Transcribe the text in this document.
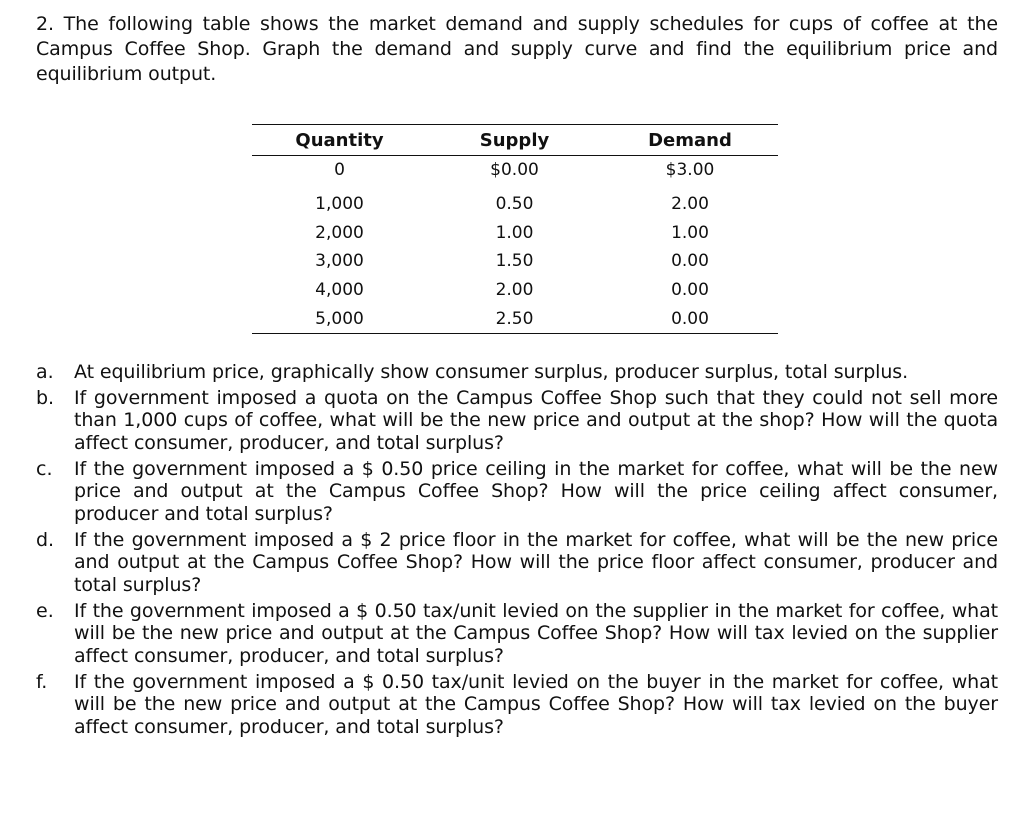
2. The following table shows the market demand and supply schedules for cups of coffee at the Campus Coffee Shop. Graph the demand and supply curve and find the equilibrium price and equilibrium output.

Quantity	Supply	Demand
0	$0.00	$3.00
1,000	0.50	2.00
2,000	1.00	1.00
3,000	1.50	0.00
4,000	2.00	0.00
5,000	2.50	0.00
a.	At equilibrium price, graphically show consumer surplus, producer surplus, total surplus.
b.	If government imposed a quota on the Campus Coffee Shop such that they could not sell more than 1,000 cups of coffee, what will be the new price and output at the shop? How will the quota affect consumer, producer, and total surplus?
c.	If the government imposed a $ 0.50 price ceiling in the market for coffee, what will be the new price and output at the Campus Coffee Shop? How will the price ceiling affect consumer, producer and total surplus?
d.	If the government imposed a $ 2 price floor in the market for coffee, what will be the new price and output at the Campus Coffee Shop? How will the price floor affect consumer, producer and total surplus?
e.	If the government imposed a $ 0.50 tax/unit levied on the supplier in the market for coffee, what will be the new price and output at the Campus Coffee Shop? How will tax levied on the supplier affect consumer, producer, and total surplus?
f.	If the government imposed a $ 0.50 tax/unit levied on the buyer in the market for coffee, what will be the new price and output at the Campus Coffee Shop? How will tax levied on the buyer affect consumer, producer, and total surplus?
